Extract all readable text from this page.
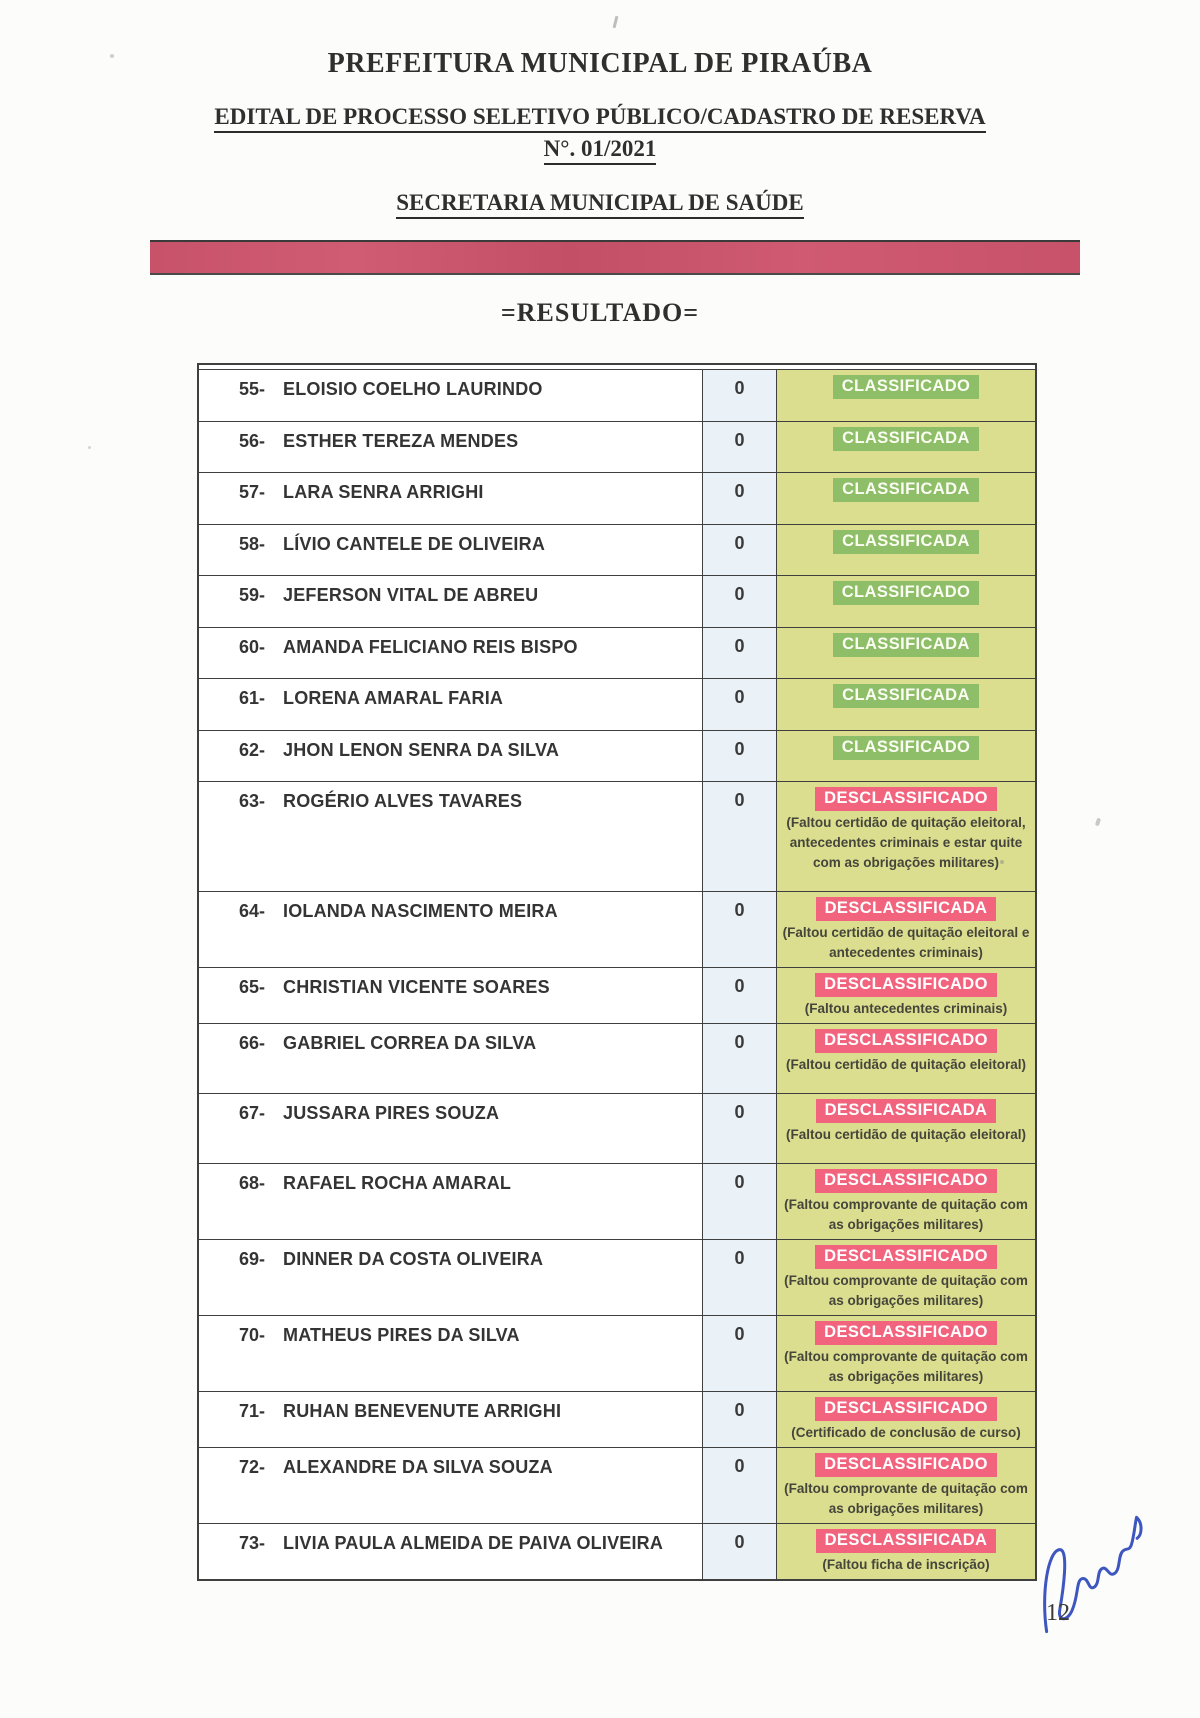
PREFEITURA MUNICIPAL DE PIRAÚBA
EDITAL DE PROCESSO SELETIVO PÚBLICO/CADASTRO DE RESERVA
N°. 01/2021
SECRETARIA MUNICIPAL DE SAÚDE
=RESULTADO=
55- ELOISIO COELHO LAURINDO	0	CLASSIFICADO
56- ESTHER TEREZA MENDES	0	CLASSIFICADA
57- LARA SENRA ARRIGHI	0	CLASSIFICADA
58- LÍVIO CANTELE DE OLIVEIRA	0	CLASSIFICADA
59- JEFERSON VITAL DE ABREU	0	CLASSIFICADO
60- AMANDA FELICIANO REIS BISPO	0	CLASSIFICADA
61- LORENA AMARAL FARIA	0	CLASSIFICADA
62- JHON LENON SENRA DA SILVA	0	CLASSIFICADO
63- ROGÉRIO ALVES TAVARES	0	DESCLASSIFICADO
(Faltou certidão de quitação eleitoral, antecedentes criminais e estar quite com as obrigações militares)
64- IOLANDA NASCIMENTO MEIRA	0	DESCLASSIFICADA
(Faltou certidão de quitação eleitoral e antecedentes criminais)
65- CHRISTIAN VICENTE SOARES	0	DESCLASSIFICADO
(Faltou antecedentes criminais)
66- GABRIEL CORREA DA SILVA	0	DESCLASSIFICADO
(Faltou certidão de quitação eleitoral)
67- JUSSARA PIRES SOUZA	0	DESCLASSIFICADA
(Faltou certidão de quitação eleitoral)
68- RAFAEL ROCHA AMARAL	0	DESCLASSIFICADO
(Faltou comprovante de quitação com as obrigações militares)
69- DINNER DA COSTA OLIVEIRA	0	DESCLASSIFICADO
(Faltou comprovante de quitação com as obrigações militares)
70- MATHEUS PIRES DA SILVA	0	DESCLASSIFICADO
(Faltou comprovante de quitação com as obrigações militares)
71- RUHAN BENEVENUTE ARRIGHI	0	DESCLASSIFICADO
(Certificado de conclusão de curso)
72- ALEXANDRE DA SILVA SOUZA	0	DESCLASSIFICADO
(Faltou comprovante de quitação com as obrigações militares)
73- LIVIA PAULA ALMEIDA DE PAIVA OLIVEIRA	0	DESCLASSIFICADA
(Faltou ficha de inscrição)
12
